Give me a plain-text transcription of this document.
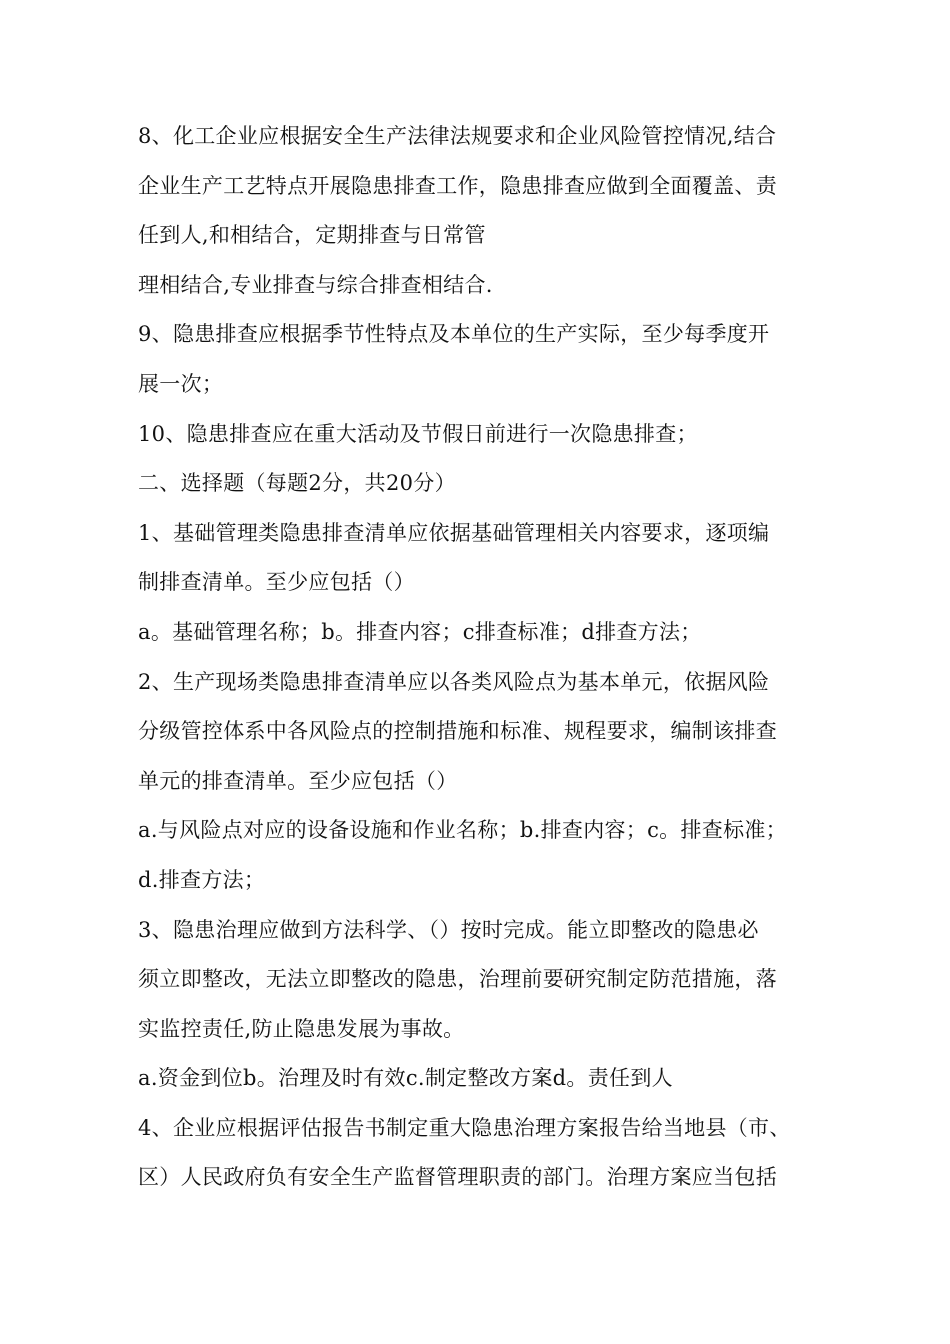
8、化工企业应根据安全生产法律法规要求和企业风险管控情况,结合
企业生产工艺特点开展隐患排查工作，隐患排查应做到全面覆盖、责
任到人,和相结合，定期排查与日常管
理相结合,专业排查与综合排查相结合.
9、隐患排查应根据季节性特点及本单位的生产实际，至少每季度开
展一次；
10、隐患排查应在重大活动及节假日前进行一次隐患排查；
二、选择题（每题2分，共20分）
1、基础管理类隐患排查清单应依据基础管理相关内容要求，逐项编
制排查清单。至少应包括（）
a。基础管理名称；b。排查内容；c排查标准；d排查方法；
2、生产现场类隐患排查清单应以各类风险点为基本单元，依据风险
分级管控体系中各风险点的控制措施和标准、规程要求，编制该排查
单元的排查清单。至少应包括（）
a.与风险点对应的设备设施和作业名称；b.排查内容；c。排查标准；
d.排查方法；
3、隐患治理应做到方法科学、（）按时完成。能立即整改的隐患必
须立即整改，无法立即整改的隐患，治理前要研究制定防范措施，落
实监控责任,防止隐患发展为事故。
a.资金到位b。治理及时有效c.制定整改方案d。责任到人
4、企业应根据评估报告书制定重大隐患治理方案报告给当地县（市、
区）人民政府负有安全生产监督管理职责的部门。治理方案应当包括
